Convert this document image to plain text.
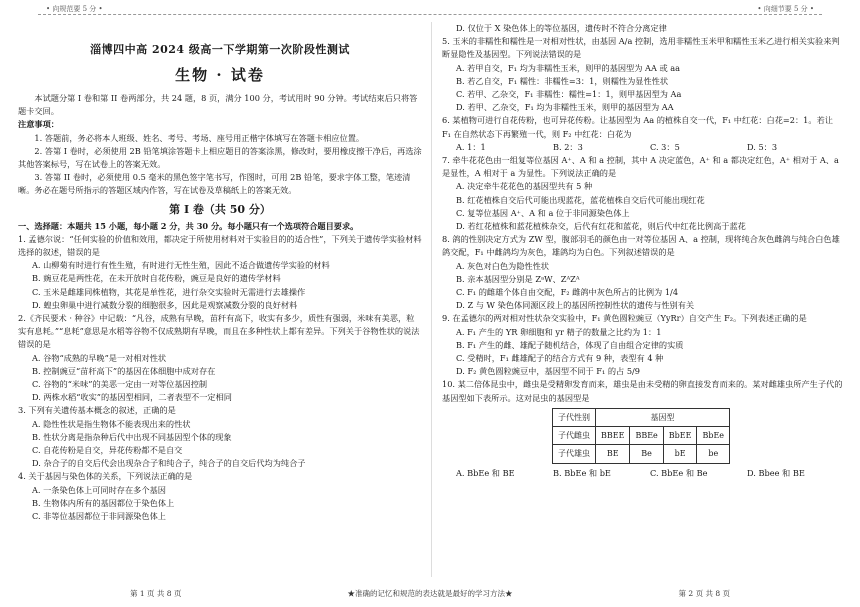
• 向规范要 5 分 •	• 向细节要 5 分 •
淄博四中高 2024 级高一下学期第一次阶段性测试
生物 · 试卷
本试题分第 I 卷和第 II 卷两部分，共 24 题，8 页，满分 100 分，考试用时 90 分钟。考试结束后只将答题卡交回。
注意事项：
1. 答题前，务必将本人班级、姓名、考号、考场、座号用正楷字体填写在答题卡相应位置。
2. 答第 I 卷时，必须使用 2B 铅笔填涂答题卡上相应题目的答案涂黑，修改时，要用橡皮擦干净后，再选涂其他答案标号，写在试卷上的答案无效。
3. 答第 II 卷时，必须使用 0.5 毫米的黑色签字笔书写，作图时，可用 2B 铅笔，要求字体工整，笔迹清晰。务必在题号所指示的答题区域内作答，写在试卷及草稿纸上的答案无效。
第 I 卷（共 50 分）
一、选择题：本题共 15 小题，每小题 2 分，共 30 分。每小题只有一个选项符合题目要求。
1. 孟德尔说：“任何实验的价值和效用，都决定于所使用材料对于实验目的的适合性”，下列关于遗传学实验材料选择的叙述，错误的是
A. 山柳菊有时进行有性生殖，有时进行无性生殖，因此不适合做遗传学实验的材料
B. 豌豆花是两性花，在未开放时自花传粉，豌豆是良好的遗传学材料
C. 玉米是雌雄同株植物，其花是单性花，进行杂交实验时无需进行去雄操作
D. 蝗虫卵巢中进行减数分裂的细胞很多，因此是观察减数分裂的良好材料
2.《齐民要术 · 种谷》中记载：“凡谷，成熟有早晚，苗秆有高下，收实有多少，质性有强弱，米味有美恶，粒实有息耗。”“息耗”意思是水稻等谷物不仅成熟期有早晚，而且在多种性状上都有差异。下列关于谷物性状的说法错误的是
A. 谷物“成熟的早晚”是一对相对性状
B. 控制豌豆“苗秆高下”的基因在体细胞中成对存在
C. 谷物的“米味”的美恶一定由一对等位基因控制
D. 两株水稻“收实”的基因型相同，二者表型不一定相同
3. 下列有关遗传基本概念的叙述，正确的是
A. 隐性性状是指生物体不能表现出来的性状
B. 性状分离是指杂种后代中出现不同基因型个体的现象
C. 自花传粉是自交，异花传粉都不是自交
D. 杂合子的自交后代会出现杂合子和纯合子，纯合子的自交后代均为纯合子
4. 关于基因与染色体的关系，下列说法正确的是
A. 一条染色体上可同时存在多个基因
B. 生物体内所有的基因都位于染色体上
C. 非等位基因都位于非同源染色体上
D. 仅位于 X 染色体上的等位基因，遗传时不符合分离定律
5. 玉米的非糯性和糯性是一对相对性状，由基因 A/a 控制，选用非糯性玉米甲和糯性玉米乙进行相关实验来判断显隐性及基因型。下列说法错误的是
A. 若甲自交，F₁ 均为非糯性玉米，则甲的基因型为 AA 或 aa
B. 若乙自交，F₁ 糯性：非糯性=3：1，则糯性为显性性状
C. 若甲、乙杂交，F₁ 非糯性：糯性=1：1，则甲基因型为 Aa
D. 若甲、乙杂交，F₁ 均为非糯性玉米，则甲的基因型为 AA
6. 某植物可进行自花传粉，也可异花传粉。让基因型为 Aa 的植株自交一代，F₁ 中红花：白花=2：1。若让 F₁ 在自然状态下再繁殖一代，则 F₂ 中红花：白花为
A. 1：1	B. 2：3	C. 3：5	D. 5：3
7. 牵牛花花色由一组复等位基因 A⁺、A 和 a 控制，其中 A 决定蓝色，A⁺ 和 a 都决定红色，A⁺ 相对于 A、a 是显性，A 相对于 a 为显性。下列说法正确的是
A. 决定牵牛花花色的基因型共有 5 种
B. 红花植株自交后代可能出现蓝花，蓝花植株自交后代可能出现红花
C. 复等位基因 A⁺、A 和 a 位于非同源染色体上
D. 若红花植株和蓝花植株杂交，后代有红花和蓝花，则后代中红花比例高于蓝花
8. 鸽的性别决定方式为 ZW 型，腹部羽毛的颜色由一对等位基因 A、a 控制，现将纯合灰色雌鸽与纯合白色雄鸽交配，F₁ 中雌鸽均为灰色，雄鸽均为白色。下列叙述错误的是
A. 灰色对白色为隐性性状
B. 亲本基因型分别是 ZᵃW、ZᴬZᴬ
C. F₁ 的雌雄个体自由交配，F₂ 雌鸽中灰色所占的比例为 1/4
D. Z 与 W 染色体同源区段上的基因所控制性状的遗传与性别有关
9. 在孟德尔的两对相对性状杂交实验中，F₁ 黄色圆粒豌豆（YyRr）自交产生 F₂。下列表述正确的是
A. F₁ 产生的 YR 卵细胞和 yr 精子的数量之比约为 1：1
B. F₁ 产生的雌、雄配子随机结合，体现了自由组合定律的实质
C. 受精时，F₁ 雌雄配子的结合方式有 9 种，表型有 4 种
D. F₂ 黄色圆粒豌豆中，基因型不同于 F₁ 的占 5/9
10. 某二倍体昆虫中，雌虫是受精卵发育而来，雄虫是由未受精的卵直接发育而来的。某对雌雄虫所产生子代的基因型如下表所示。这对昆虫的基因型是
子代性别	基因型			
子代雌虫	BBEE	BBEe	BbEE	BbEe
子代雄虫	BE	Be	bE	be
A. BbEe 和 BE	B. BbEe 和 bE	C. BbEe 和 Be	D. Bbee 和 BE
第 1 页 共 8 页	★准确的记忆和规范的表达就是最好的学习方法★	第 2 页 共 8 页
